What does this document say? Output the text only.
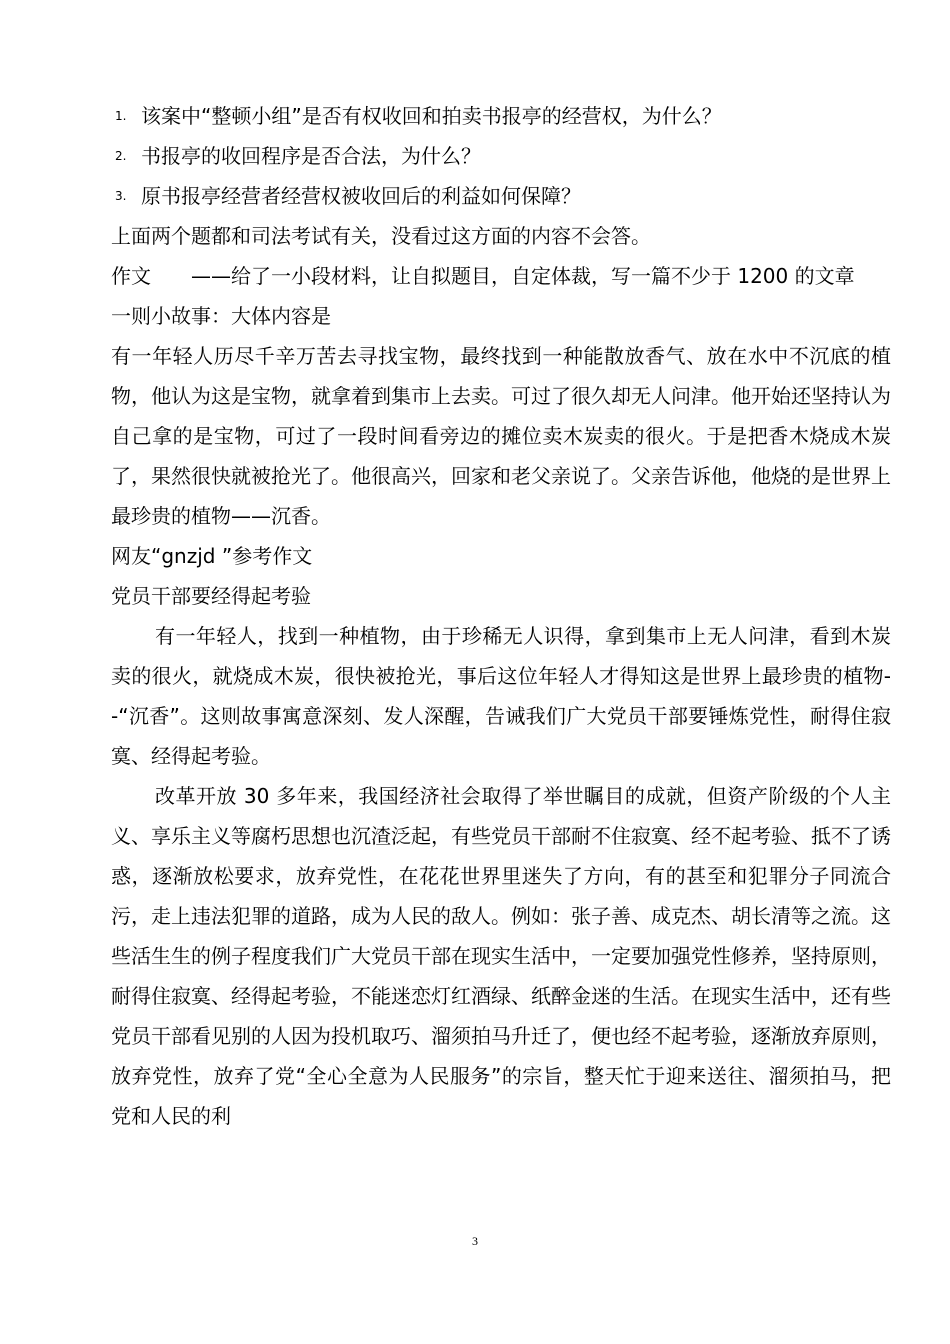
1. 该案中“整顿小组”是否有权收回和拍卖书报亭的经营权，为什么？
2. 书报亭的收回程序是否合法，为什么？
3. 原书报亭经营者经营权被收回后的利益如何保障？
上面两个题都和司法考试有关，没看过这方面的内容不会答。
作文　　——给了一小段材料，让自拟题目，自定体裁，写一篇不少于 1200 的文章
一则小故事：大体内容是
有一年轻人历尽千辛万苦去寻找宝物，最终找到一种能散放香气、放在水中不沉底的植物，他认为这是宝物，就拿着到集市上去卖。可过了很久却无人问津。他开始还坚持认为自己拿的是宝物，可过了一段时间看旁边的摊位卖木炭卖的很火。于是把香木烧成木炭了，果然很快就被抢光了。他很高兴，回家和老父亲说了。父亲告诉他，他烧的是世界上最珍贵的植物——沉香。
网友“gnzjd ”参考作文
党员干部要经得起考验
有一年轻人，找到一种植物，由于珍稀无人识得，拿到集市上无人问津，看到木炭卖的很火，就烧成木炭，很快被抢光，事后这位年轻人才得知这是世界上最珍贵的植物--“沉香”。这则故事寓意深刻、发人深醒，告诫我们广大党员干部要锤炼党性，耐得住寂寞、经得起考验。
改革开放 30 多年来，我国经济社会取得了举世瞩目的成就，但资产阶级的个人主义、享乐主义等腐朽思想也沉渣泛起，有些党员干部耐不住寂寞、经不起考验、抵不了诱惑，逐渐放松要求，放弃党性，在花花世界里迷失了方向，有的甚至和犯罪分子同流合污，走上违法犯罪的道路，成为人民的敌人。例如：张子善、成克杰、胡长清等之流。这些活生生的例子程度我们广大党员干部在现实生活中，一定要加强党性修养，坚持原则，耐得住寂寞、经得起考验，不能迷恋灯红酒绿、纸醉金迷的生活。在现实生活中，还有些党员干部看见别的人因为投机取巧、溜须拍马升迁了，便也经不起考验，逐渐放弃原则，放弃党性，放弃了党“全心全意为人民服务”的宗旨，整天忙于迎来送往、溜须拍马，把党和人民的利
3
